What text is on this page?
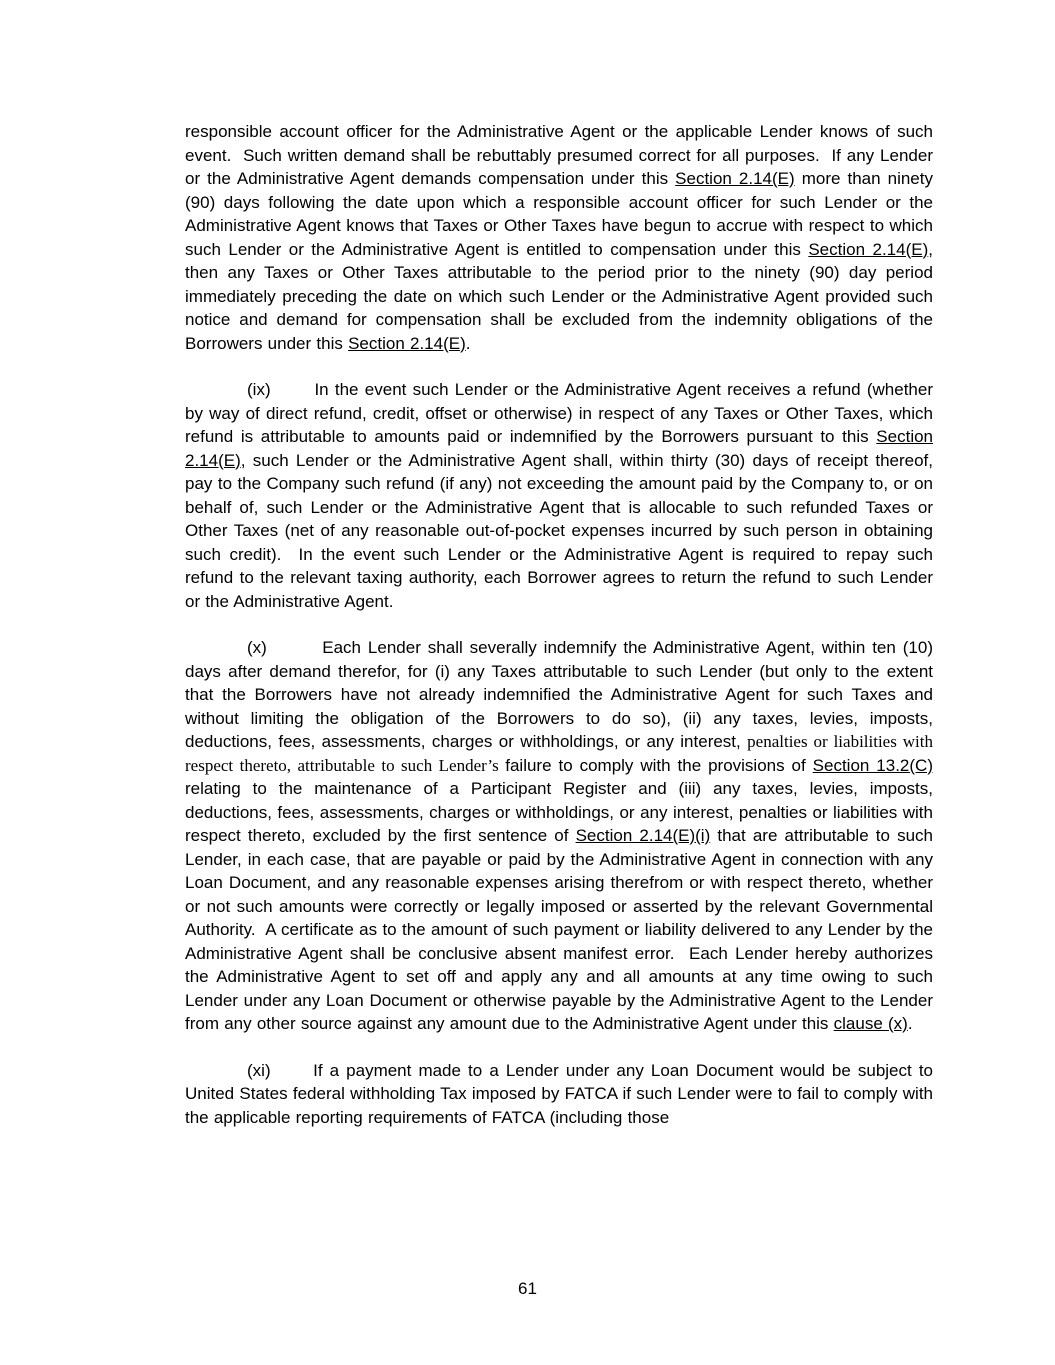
responsible account officer for the Administrative Agent or the applicable Lender knows of such event.  Such written demand shall be rebuttably presumed correct for all purposes.  If any Lender or the Administrative Agent demands compensation under this Section 2.14(E) more than ninety (90) days following the date upon which a responsible account officer for such Lender or the Administrative Agent knows that Taxes or Other Taxes have begun to accrue with respect to which such Lender or the Administrative Agent is entitled to compensation under this Section 2.14(E), then any Taxes or Other Taxes attributable to the period prior to the ninety (90) day period immediately preceding the date on which such Lender or the Administrative Agent provided such notice and demand for compensation shall be excluded from the indemnity obligations of the Borrowers under this Section 2.14(E).

(ix)       In the event such Lender or the Administrative Agent receives a refund (whether by way of direct refund, credit, offset or otherwise) in respect of any Taxes or Other Taxes, which refund is attributable to amounts paid or indemnified by the Borrowers pursuant to this Section 2.14(E), such Lender or the Administrative Agent shall, within thirty (30) days of receipt thereof, pay to the Company such refund (if any) not exceeding the amount paid by the Company to, or on behalf of, such Lender or the Administrative Agent that is allocable to such refunded Taxes or Other Taxes (net of any reasonable out-of-pocket expenses incurred by such person in obtaining such credit).  In the event such Lender or the Administrative Agent is required to repay such refund to the relevant taxing authority, each Borrower agrees to return the refund to such Lender or the Administrative Agent.

(x)        Each Lender shall severally indemnify the Administrative Agent, within ten (10) days after demand therefor, for (i) any Taxes attributable to such Lender (but only to the extent that the Borrowers have not already indemnified the Administrative Agent for such Taxes and without limiting the obligation of the Borrowers to do so), (ii) any taxes, levies, imposts, deductions, fees, assessments, charges or withholdings, or any interest, penalties or liabilities with respect thereto, attributable to such Lender’s failure to comply with the provisions of Section 13.2(C) relating to the maintenance of a Participant Register and (iii) any taxes, levies, imposts, deductions, fees, assessments, charges or withholdings, or any interest, penalties or liabilities with respect thereto, excluded by the first sentence of Section 2.14(E)(i) that are attributable to such Lender, in each case, that are payable or paid by the Administrative Agent in connection with any Loan Document, and any reasonable expenses arising therefrom or with respect thereto, whether or not such amounts were correctly or legally imposed or asserted by the relevant Governmental Authority.  A certificate as to the amount of such payment or liability delivered to any Lender by the Administrative Agent shall be conclusive absent manifest error.  Each Lender hereby authorizes the Administrative Agent to set off and apply any and all amounts at any time owing to such Lender under any Loan Document or otherwise payable by the Administrative Agent to the Lender from any other source against any amount due to the Administrative Agent under this clause (x).

(xi)      If a payment made to a Lender under any Loan Document would be subject to United States federal withholding Tax imposed by FATCA if such Lender were to fail to comply with the applicable reporting requirements of FATCA (including those

61
